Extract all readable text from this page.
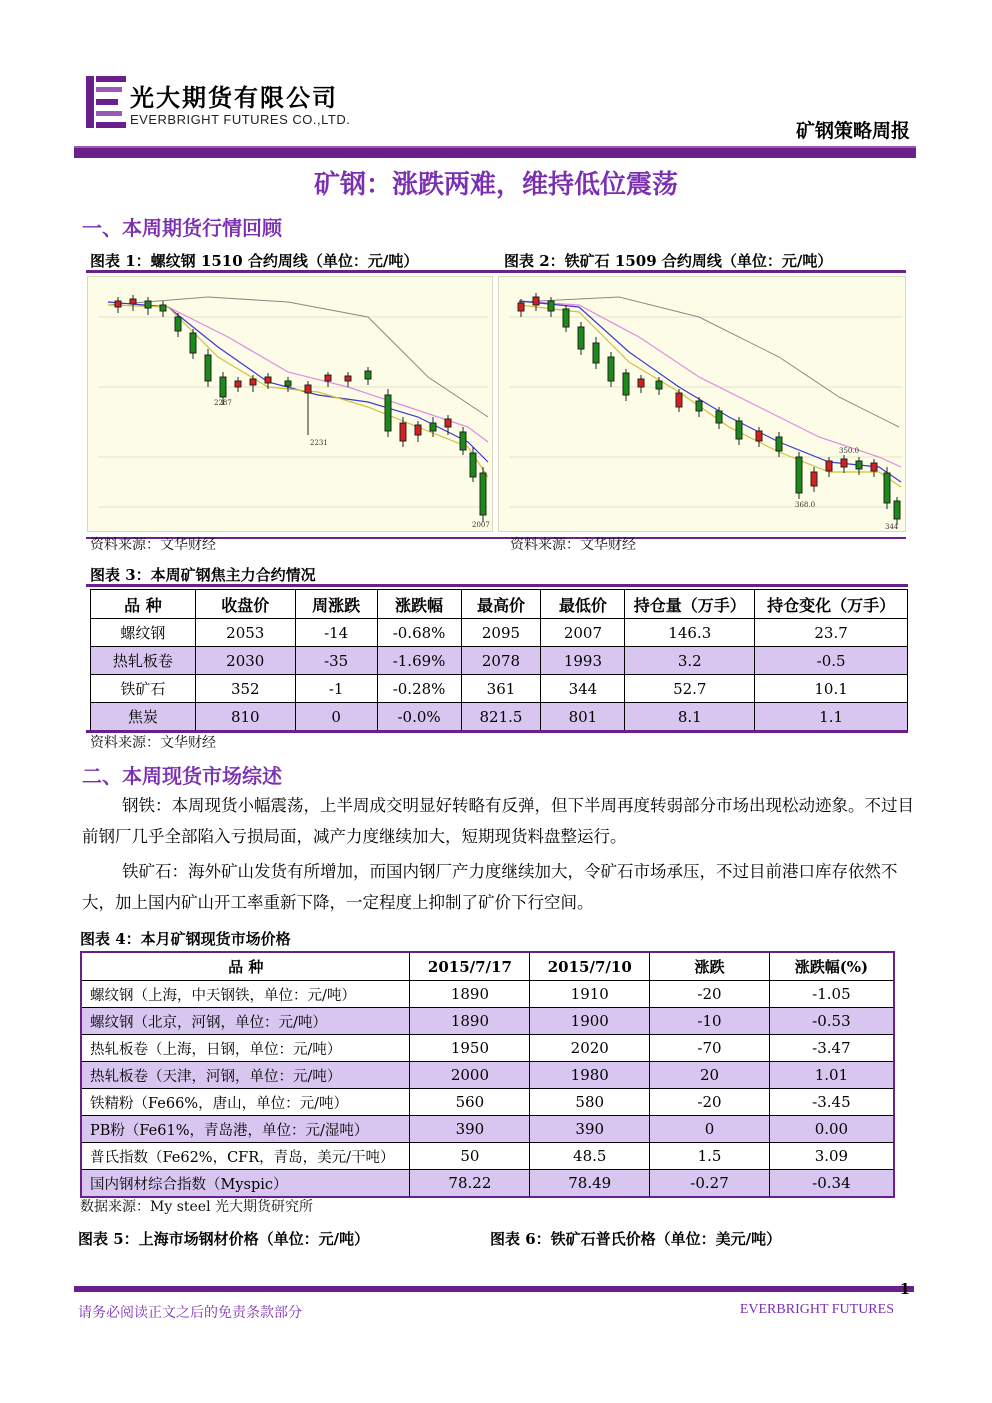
光大期货有限公司
EVERBRIGHT FUTURES CO.,LTD.
矿钢策略周报
矿钢：涨跌两难，维持低位震荡
一、本周期货行情回顾
图表 1：螺纹钢 1510 合约周线（单位：元/吨）	图表 2：铁矿石 1509 合约周线（单位：元/吨）
2287
2231
2007
368.0
350.0
344
资料来源：文华财经	资料来源：文华财经
图表 3：本周矿钢焦主力合约情况
品 种	收盘价	周涨跌	涨跌幅	最高价	最低价	持仓量（万手）	持仓变化（万手）
螺纹钢	2053	-14	-0.68%	2095	2007	146.3	23.7
热轧板卷	2030	-35	-1.69%	2078	1993	3.2	-0.5
铁矿石	352	-1	-0.28%	361	344	52.7	10.1
焦炭	810	0	-0.0%	821.5	801	8.1	1.1
资料来源：文华财经
二、本周现货市场综述
钢铁：本周现货小幅震荡，上半周成交明显好转略有反弹，但下半周再度转弱部分市场出现松动迹象。不过目前钢厂几乎全部陷入亏损局面，减产力度继续加大，短期现货料盘整运行。
铁矿石：海外矿山发货有所增加，而国内钢厂产力度继续加大，令矿石市场承压，不过目前港口库存依然不大，加上国内矿山开工率重新下降，一定程度上抑制了矿价下行空间。
图表 4：本月矿钢现货市场价格
品 种	2015/7/17	2015/7/10	涨跌	涨跌幅(%)
螺纹钢（上海，中天钢铁，单位：元/吨）	1890	1910	-20	-1.05
螺纹钢（北京，河钢，单位：元/吨）	1890	1900	-10	-0.53
热轧板卷（上海，日钢，单位：元/吨）	1950	2020	-70	-3.47
热轧板卷（天津，河钢，单位：元/吨）	2000	1980	20	1.01
铁精粉（Fe66%，唐山，单位：元/吨）	560	580	-20	-3.45
PB粉（Fe61%，青岛港，单位：元/湿吨）	390	390	0	0.00
普氏指数（Fe62%，CFR，青岛，美元/干吨）	50	48.5	1.5	3.09
国内钢材综合指数（Myspic）	78.22	78.49	-0.27	-0.34
数据来源：My steel 光大期货研究所
图表 5：上海市场钢材价格（单位：元/吨）	图表 6：铁矿石普氏价格（单位：美元/吨）
1
请务必阅读正文之后的免责条款部分	EVERBRIGHT FUTURES
